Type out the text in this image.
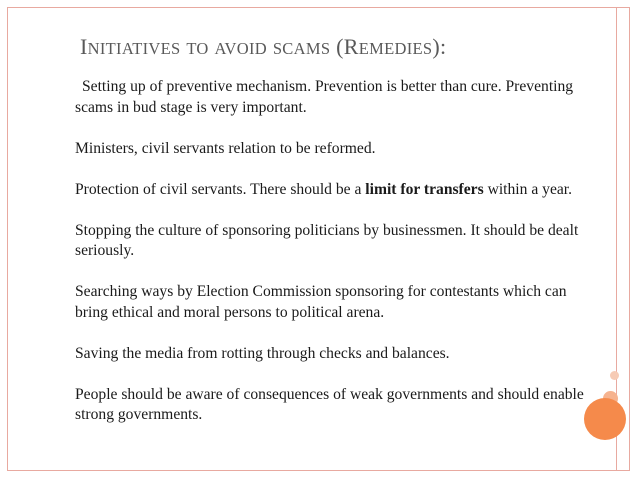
INITIATIVES TO AVOID SCAMS (REMEDIES):

Setting up of preventive mechanism. Prevention is better than cure. Preventing scams in bud stage is very important.

Ministers, civil servants relation to be reformed.

Protection of civil servants. There should be a limit for transfers within a year.

Stopping the culture of sponsoring politicians by businessmen. It should be dealt seriously.

Searching ways by Election Commission sponsoring for contestants which can bring ethical and moral persons to political arena.

Saving the media from rotting through checks and balances.

People should be aware of consequences of weak governments and should enable strong governments.
